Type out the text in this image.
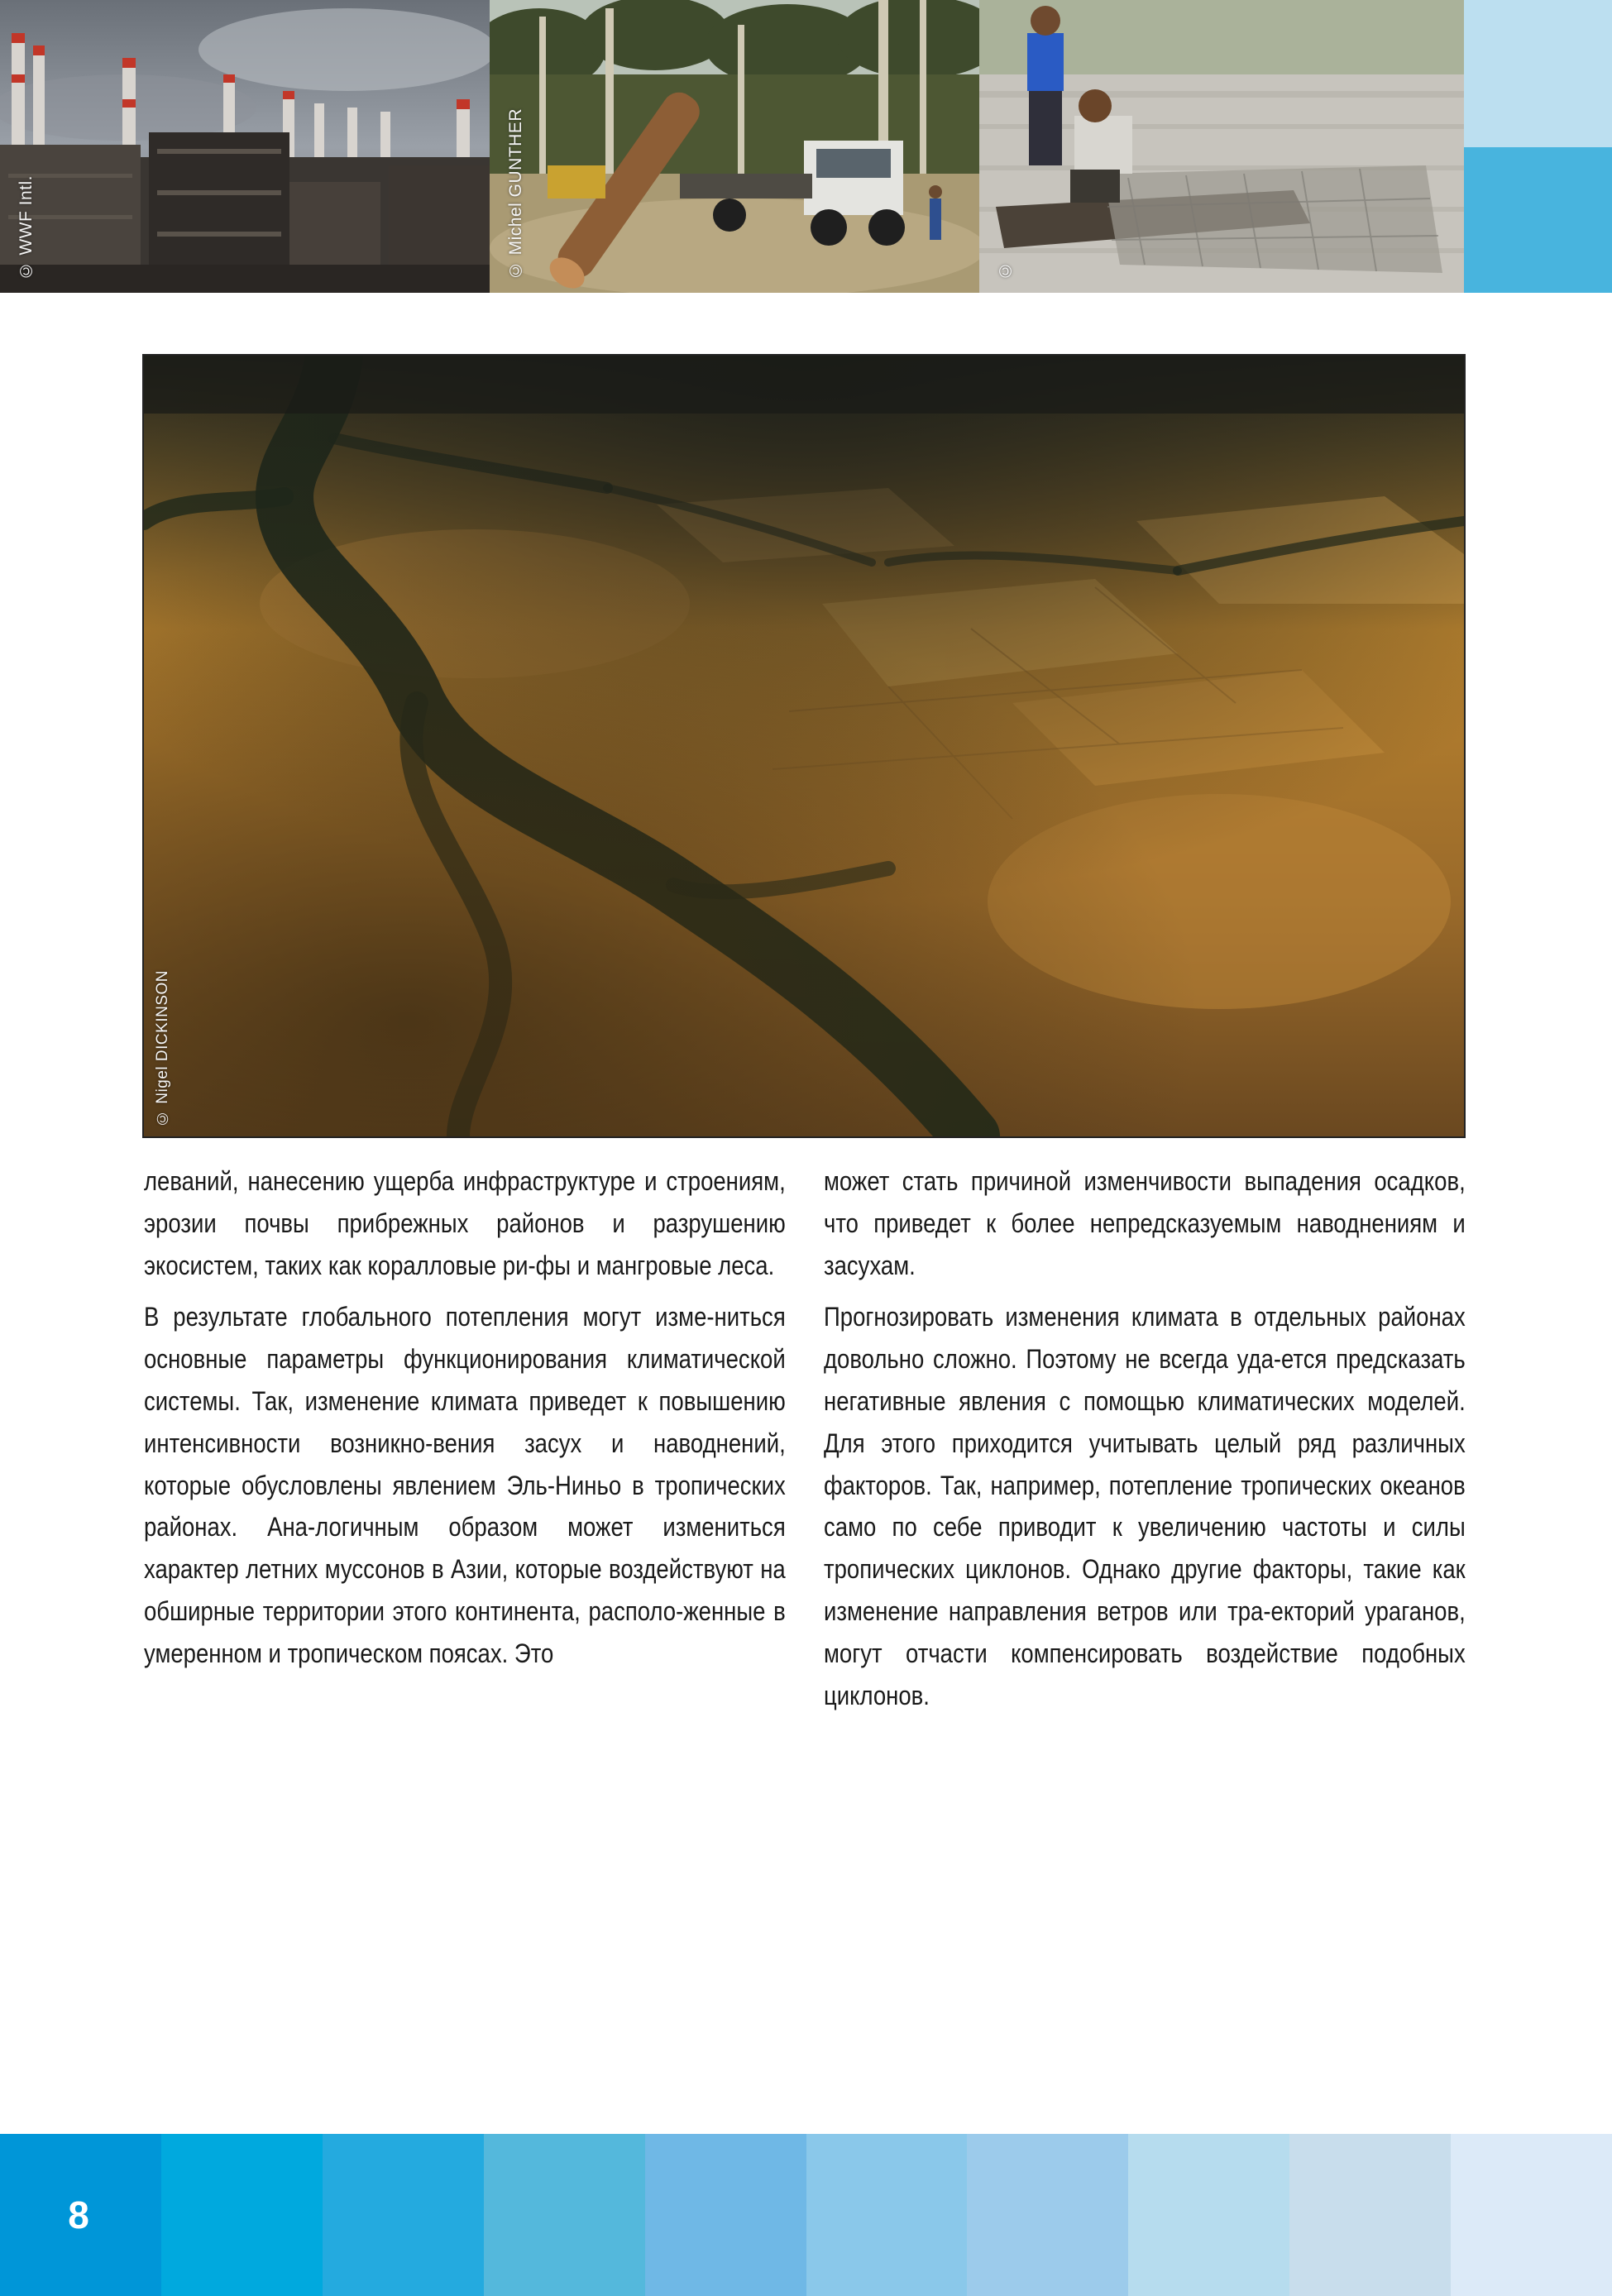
© WWF Intl.	© Michel GUNTHER	©
© Nigel DICKINSON

леваний, нанесению ущерба инфраструктуре и строениям, эрозии почвы прибрежных районов и разрушению экосистем, таких как коралловые ри-фы и мангровые леса.

В результате глобального потепления могут изме-ниться основные параметры функционирования климатической системы. Так, изменение климата приведет к повышению интенсивности возникно-вения засух и наводнений, которые обусловлены явлением Эль-Ниньо в тропических районах. Ана-логичным образом может измениться характер летних муссонов в Азии, которые воздействуют на обширные территории этого континента, располо-женные в умеренном и тропическом поясах. Это

может стать причиной изменчивости выпадения осадков, что приведет к более непредсказуемым наводнениям и засухам.

Прогнозировать изменения климата в отдельных районах довольно сложно. Поэтому не всегда уда-ется предсказать негативные явления с помощью климатических моделей. Для этого приходится учитывать целый ряд различных факторов. Так, например, потепление тропических океанов само по себе приводит к увеличению частоты и силы тропических циклонов. Однако другие факторы, такие как изменение направления ветров или тра-екторий ураганов, могут отчасти компенсировать воздействие подобных циклонов.

8
